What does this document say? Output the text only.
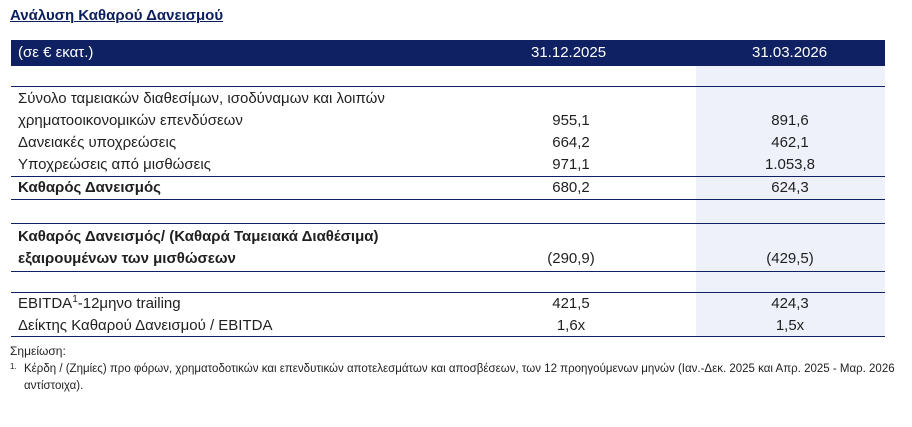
Ανάλυση Καθαρού Δανεισμού
(σε € εκατ.)	31.12.2025	31.03.2026
Σύνολο ταμειακών διαθεσίμων, ισοδύναμων και λοιπών
χρηματοοικονομικών επενδύσεων	955,1	891,6
Δανειακές υποχρεώσεις	664,2	462,1
Υποχρεώσεις από μισθώσεις	971,1	1.053,8
Καθαρός Δανεισμός	680,2	624,3
Καθαρός Δανεισμός/ (Καθαρά Ταμειακά Διαθέσιμα)
εξαιρουμένων των μισθώσεων	(290,9)	(429,5)
EBITDA$^1$-12μηνο trailing	421,5	424,3
Δείκτης Καθαρού Δανεισμού / EBITDA	1,6x	1,5x
Σημείωση:
1. Κέρδη / (Ζημίες) προ φόρων, χρηματοδοτικών και επενδυτικών αποτελεσμάτων και αποσβέσεων, των 12 προηγούμενων μηνών (Ιαν.-Δεκ. 2025 και Απρ. 2025 - Μαρ. 2026 αντίστοιχα).
